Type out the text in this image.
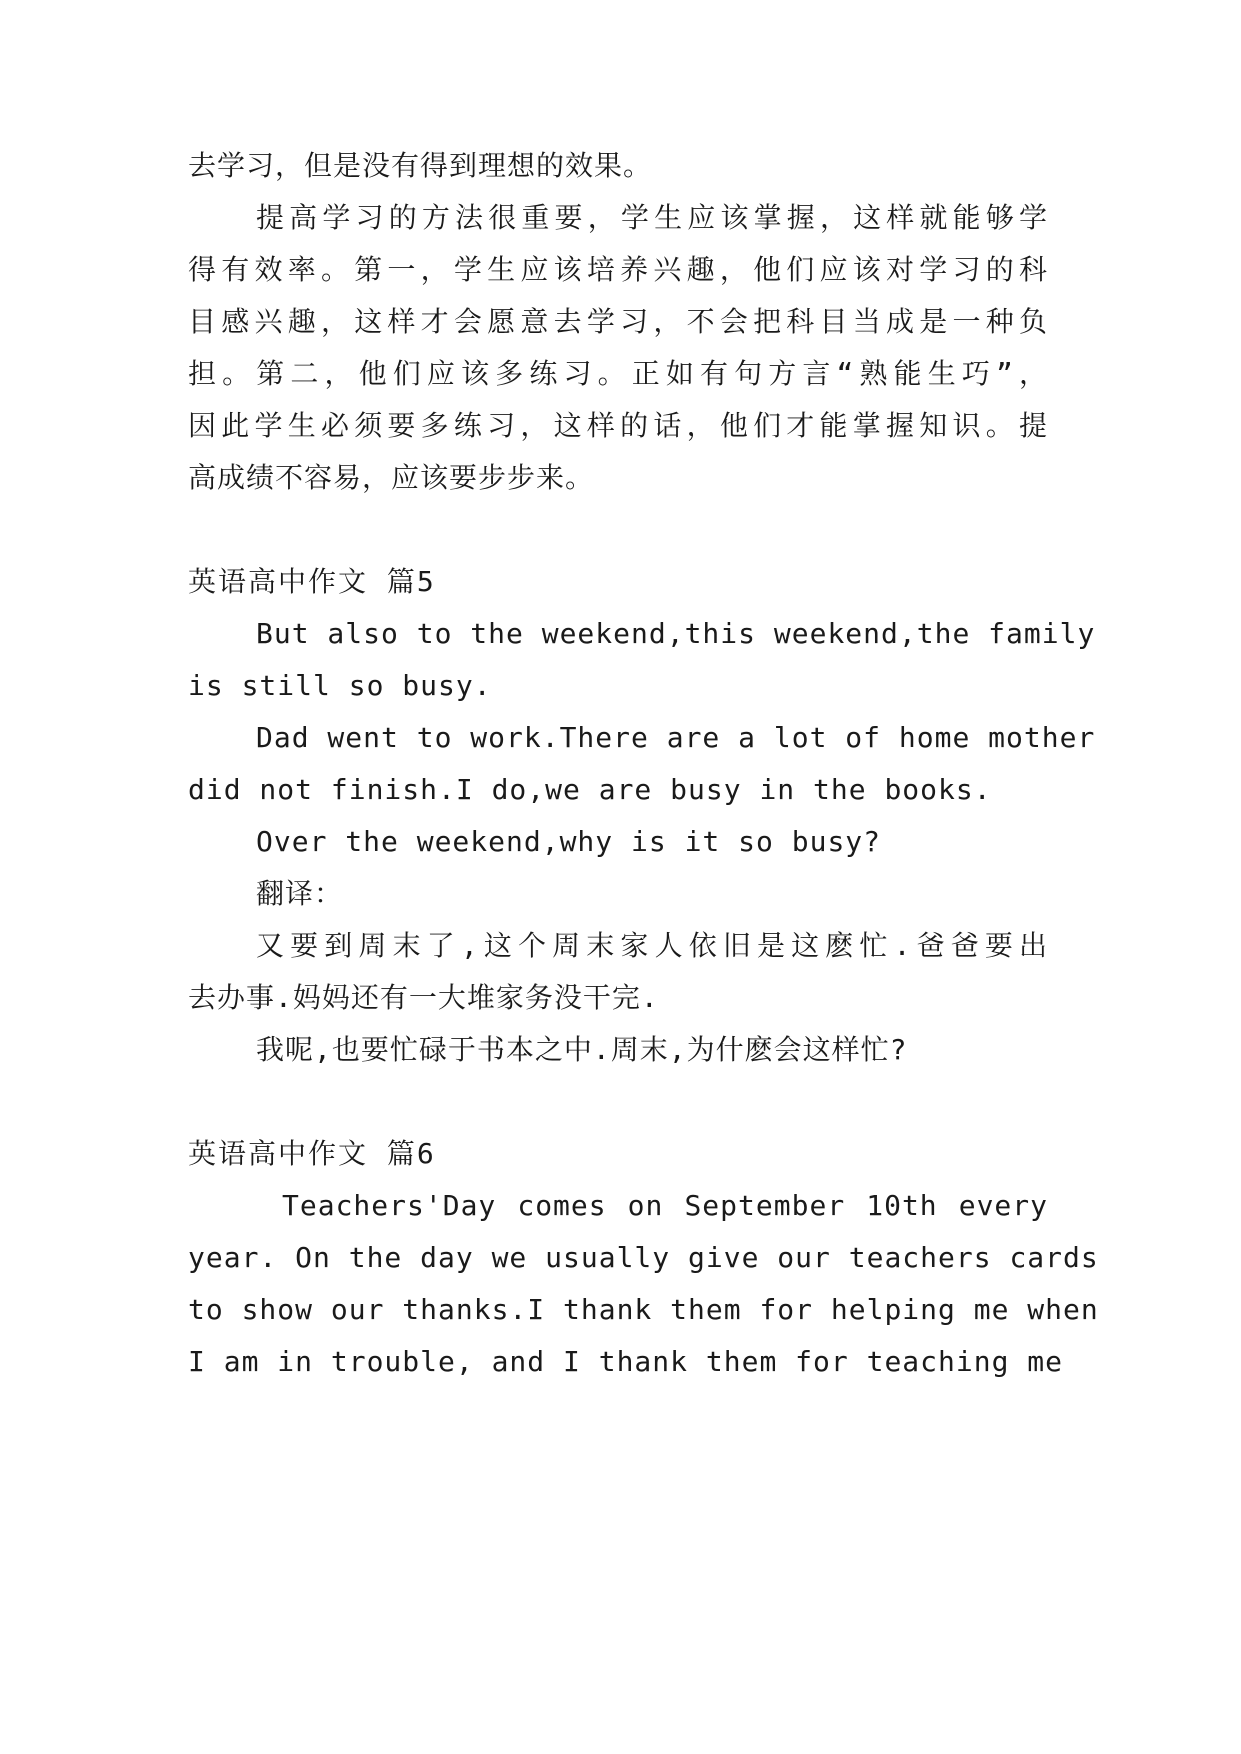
去学习，但是没有得到理想的效果。
提高学习的方法很重要，学生应该掌握，这样就能够学
得有效率。第一，学生应该培养兴趣，他们应该对学习的科
目感兴趣，这样才会愿意去学习，不会把科目当成是一种负
担。第二，他们应该多练习。正如有句方言“熟能生巧”，
因此学生必须要多练习，这样的话，他们才能掌握知识。提
高成绩不容易，应该要步步来。
英语高中作文 篇5
But also to the weekend,this weekend,the family
is still so busy.
Dad went to work.There are a lot of home mother
did not finish.I do,we are busy in the books.
Over the weekend,why is it so busy?
翻译：
又要到周末了,这个周末家人依旧是这麽忙.爸爸要出
去办事.妈妈还有一大堆家务没干完.
我呢,也要忙碌于书本之中.周末,为什麽会这样忙?
英语高中作文 篇6
Teachers'Day comes on September 10th every
year. On the day we usually give our teachers cards
to show our thanks.I thank them for helping me when
I am in trouble, and I thank them for teaching me
